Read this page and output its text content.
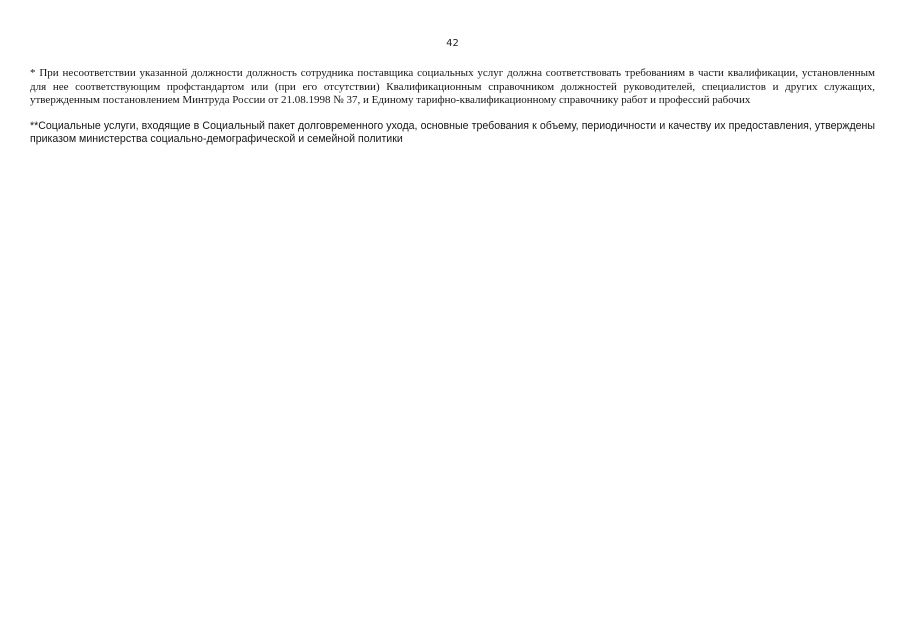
42

* При несоответствии указанной должности должность сотрудника поставщика социальных услуг должна соответствовать требованиям в части квалификации, установленным для нее соответствующим профстандартом или (при его отсутствии) Квалификационным справочником должностей руководителей, специалистов и других служащих, утвержденным постановлением Минтруда России от 21.08.1998 № 37, и Единому тарифно-квалификационному справочнику работ и профессий рабочих

**Социальные услуги, входящие в Социальный пакет долговременного ухода, основные требования к объему, периодичности и качеству их предоставления, утверждены приказом министерства социально-демографической и семейной политики
